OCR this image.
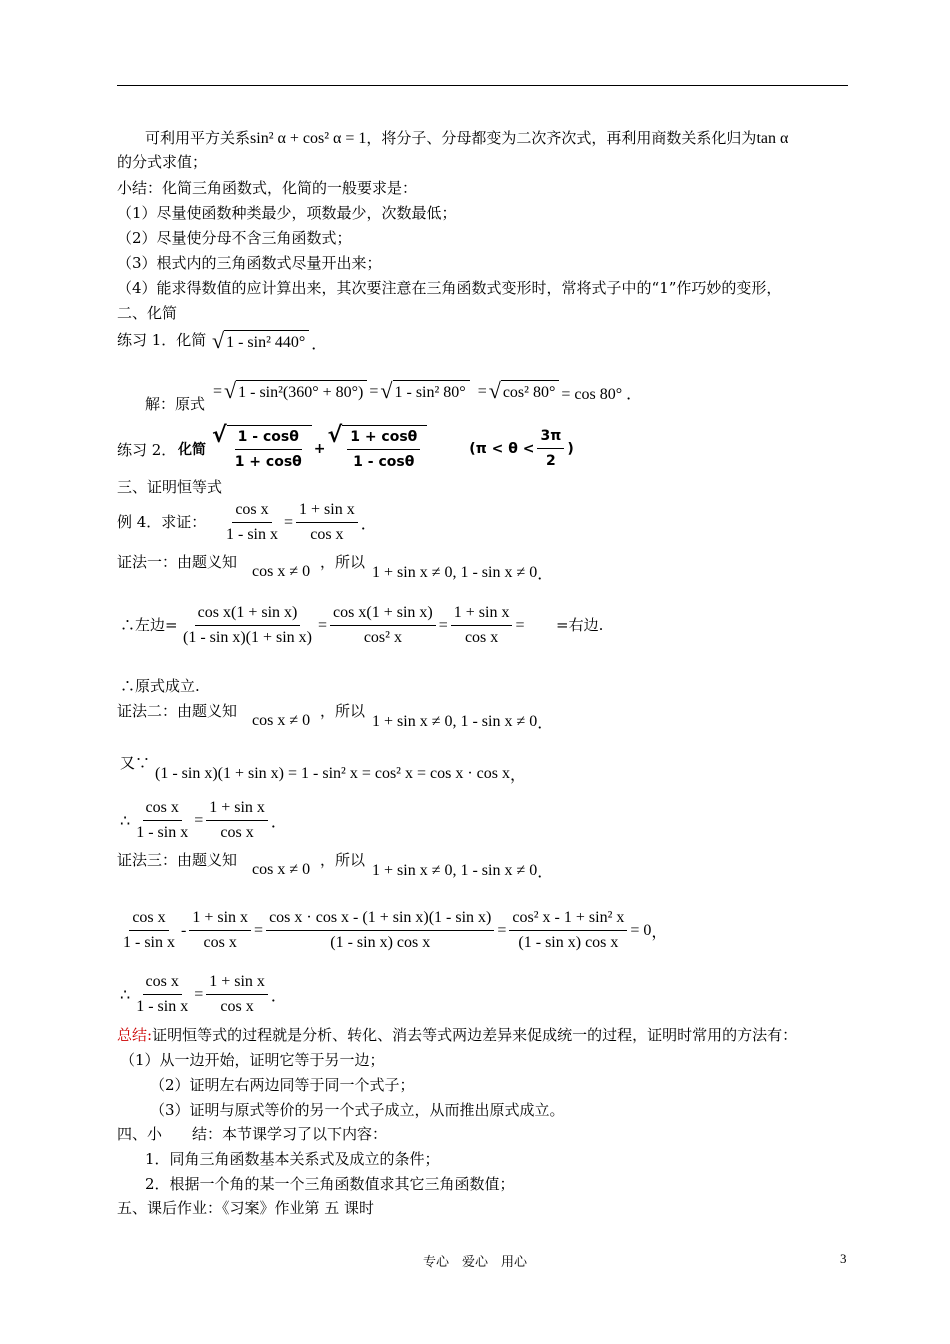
可利用平方关系sin² α + cos² α = 1，将分子、分母都变为二次齐次式，再利用商数关系化归为tan α
的分式求值；
小结：化简三角函数式，化简的一般要求是：
（1）尽量使函数种类最少，项数最少，次数最低；
（2）尽量使分母不含三角函数式；
（3）根式内的三角函数式尽量开出来；
（4）能求得数值的应计算出来，其次要注意在三角函数式变形时，常将式子中的“1”作巧妙的变形，
二、化简
练习 1．化简 √ 1 - sin² 440° ．
解：原式
= √ 1 - sin²(360° + 80°) = √ 1 - sin² 80° = √ cos² 80° = cos 80° ．
练习 2． 化简
√ $\frac{1 - \cos\theta}{1 + \cos\theta}$ +
√ $\frac{1 + \cos\theta}{1 - \cos\theta}$	($\pi < \theta < \frac{3\pi}{2}$ )
三、证明恒等式
例 4．求证： $\frac{\text{cos x}}{\text{1 - sin x}} = \frac{\text{1 + sin x}}{\text{cos x}}$ ．
证法一：由题义知
cos x ≠ 0
，所以
1 + sin x ≠ 0, 1 - sin x ≠ 0 ．
∴左边= $\frac{\text{cos x(1 + sin x)}}{\text{(1 - sin x)(1 + sin x)}} = \frac{\text{cos x(1 + sin x)}}{\text{cos² x}} = \frac{\text{1 + sin x}}{\text{cos x}}$ = =右边.
∴原式成立.
证法二：由题义知
cos x ≠ 0
，所以
1 + sin x ≠ 0, 1 - sin x ≠ 0 ．
又∵
(1 - sin x)(1 + sin x) = 1 - sin² x = cos² x = cos x · cos x ，
∴ $\frac{\text{cos x}}{\text{1 - sin x}} = \frac{\text{1 + sin x}}{\text{cos x}}$ ．
证法三：由题义知
cos x ≠ 0
，所以
1 + sin x ≠ 0, 1 - sin x ≠ 0 ．
$\frac{\text{cos x}}{\text{1 - sin x}} - \frac{\text{1 + sin x}}{\text{cos x}} = \frac{\text{cos x · cos x - (1 + sin x)(1 - sin x)}}{\text{(1 - sin x) cos x}} = \frac{\text{cos² x - 1 + sin² x}}{\text{(1 - sin x) cos x}} = 0$ ，
∴ $\frac{\text{cos x}}{\text{1 - sin x}} = \frac{\text{1 + sin x}}{\text{cos x}}$ ．
总结:证明恒等式的过程就是分析、转化、消去等式两边差异来促成统一的过程，证明时常用的方法有：
（1）从一边开始，证明它等于另一边；
（2）证明左右两边同等于同一个式子；
（3）证明与原式等价的另一个式子成立，从而推出原式成立。
四、小　　结：本节课学习了以下内容：
1．同角三角函数基本关系式及成立的条件；
2．根据一个角的某一个三角函数值求其它三角函数值；
五、课后作业：《习案》作业第 五 课时
专心　爱心　用心	3
